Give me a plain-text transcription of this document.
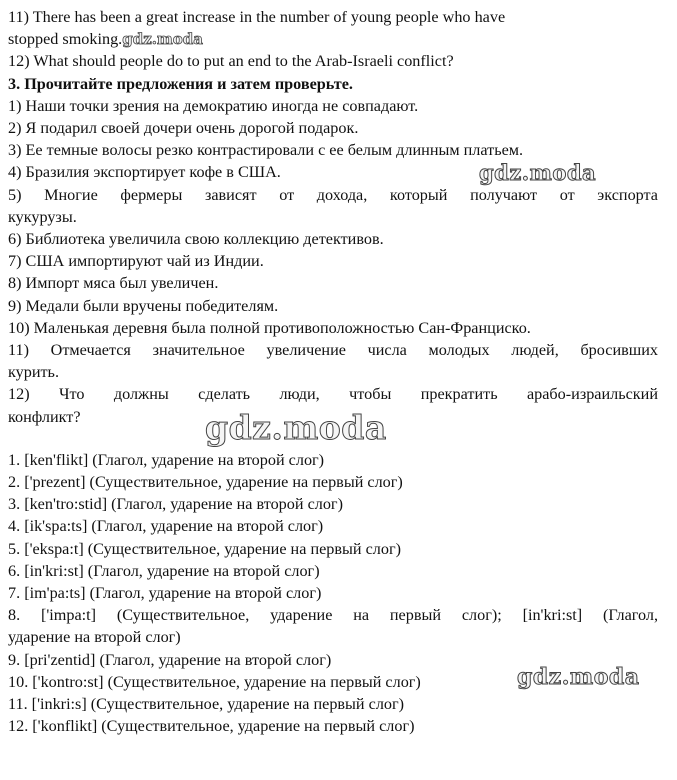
11) There has been a great increase in the number of young people who have

stopped smoking.gdz.moda

12) What should people do to put an end to the Arab-Israeli conflict?

3. Прочитайте предложения и затем проверьте.

1) Наши точки зрения на демократию иногда не совпадают.

2) Я подарил своей дочери очень дорогой подарок.

3) Ее темные волосы резко контрастировали с ее белым длинным платьем.

4) Бразилия экспортирует кофе в США.

5) Многие фермеры зависят от дохода, который получают от экспорта

кукурузы.

6) Библиотека увеличила свою коллекцию детективов.

7) США импортируют чай из Индии.

8) Импорт мяса был увеличен.

9) Медали были вручены победителям.

10) Маленькая деревня была полной противоположностью Сан-Франциско.

11) Отмечается значительное увеличение числа молодых людей, бросивших

курить.

12) Что должны сделать люди, чтобы прекратить арабо-израильский

конфликт?

1. [ken'flikt] (Глагол, ударение на второй слог)

2. ['prezent] (Существительное, ударение на первый слог)

3. [ken'tro:stid] (Глагол, ударение на второй слог)

4. [ik'spa:ts] (Глагол, ударение на второй слог)

5. ['ekspa:t] (Существительное, ударение на первый слог)

6. [in'kri:st] (Глагол, ударение на второй слог)

7. [im'pa:ts] (Глагол, ударение на второй слог)

8. ['impa:t] (Существительное, ударение на первый слог); [in'kri:st] (Глагол,

ударение на второй слог)

9. [pri'zentid] (Глагол, ударение на второй слог)

10. ['kontro:st] (Существительное, ударение на первый слог)

11. ['inkri:s] (Существительное, ударение на первый слог)

12. ['konflikt] (Существительное, ударение на первый слог)

gdz.moda
gdz.moda
gdz.moda
